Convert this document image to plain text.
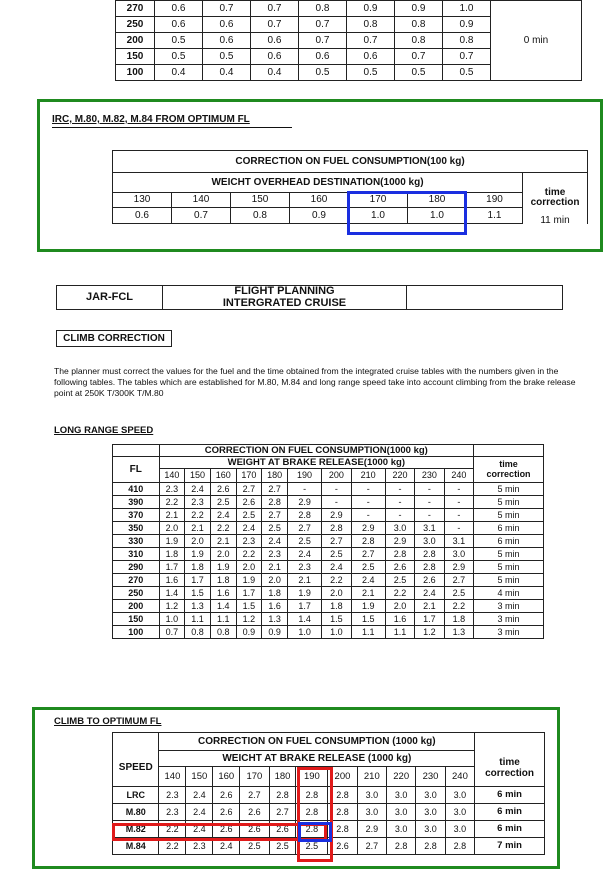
270	0.6	0.7	0.7	0.8	0.9	0.9	1.0	0 min
250	0.6	0.6	0.7	0.7	0.8	0.8	0.9	
200	0.5	0.6	0.6	0.7	0.7	0.8	0.8	
150	0.5	0.5	0.6	0.6	0.6	0.7	0.7	
100	0.4	0.4	0.4	0.5	0.5	0.5	0.5	
IRC, M.80, M.82, M.84 FROM OPTIMUM FL
CORRECTION ON FUEL CONSUMPTION(100 kg)							
WEICHT OVERHEAD DESTINATION(1000 kg)							time
correction

130	140	150	160	170	180	190	
0.6	0.7	0.8	0.9	1.0	1.0	1.1		11 min
JAR-FCL	
FLIGHT PLANNING
INTERGRATED CRUISE

CLIMB CORRECTION
The planner must correct the values for the fuel and the time obtained from the integrated cruise tables with the numbers given in the following tables. The tables which are established for M.80, M.84 and long range speed take into account climbing from the brake release point at 250K T/300K T/M.80
LONG RANGE SPEED
	CORRECTION ON FUEL CONSUMPTION(1000 kg)											
FL	WEIGHT AT BRAKE RELEASE(1000 kg)											time
correction

	140	150	160	170	180	190	200	210	220	230	240	
410	2.3	2.4	2.6	2.7	2.7	-	-	-	-	-	-	5 min
390	2.2	2.3	2.5	2.6	2.8	2.9	-	-	-	-	-	5 min
370	2.1	2.2	2.4	2.5	2.7	2.8	2.9	-	-	-	-	5 min
350	2.0	2.1	2.2	2.4	2.5	2.7	2.8	2.9	3.0	3.1	-	6 min
330	1.9	2.0	2.1	2.3	2.4	2.5	2.7	2.8	2.9	3.0	3.1	6 min
310	1.8	1.9	2.0	2.2	2.3	2.4	2.5	2.7	2.8	2.8	3.0	5 min
290	1.7	1.8	1.9	2.0	2.1	2.3	2.4	2.5	2.6	2.8	2.9	5 min
270	1.6	1.7	1.8	1.9	2.0	2.1	2.2	2.4	2.5	2.6	2.7	5 min
250	1.4	1.5	1.6	1.7	1.8	1.9	2.0	2.1	2.2	2.4	2.5	4 min
200	1.2	1.3	1.4	1.5	1.6	1.7	1.8	1.9	2.0	2.1	2.2	3 min
150	1.0	1.1	1.1	1.2	1.3	1.4	1.5	1.5	1.6	1.7	1.8	3 min
100	0.7	0.8	0.8	0.9	0.9	1.0	1.0	1.1	1.1	1.2	1.3	3 min
CLIMB TO OPTIMUM FL
	CORRECTION ON FUEL CONSUMPTION (1000 kg)											
SPEED	WEICHT AT BRAKE RELEASE (1000 kg)											time
correction

	140	150	160	170	180	190	200	210	220	230	240	
LRC	2.3	2.4	2.6	2.7	2.8	2.8	2.8	3.0	3.0	3.0	3.0	6 min
M.80	2.3	2.4	2.6	2.6	2.7	2.8	2.8	3.0	3.0	3.0	3.0	6 min
M.82	2.2	2.4	2.6	2.6	2.6	2.8	2.8	2.9	3.0	3.0	3.0	6 min
M.84	2.2	2.3	2.4	2.5	2.5	2.5	2.6	2.7	2.8	2.8	2.8	7 min
